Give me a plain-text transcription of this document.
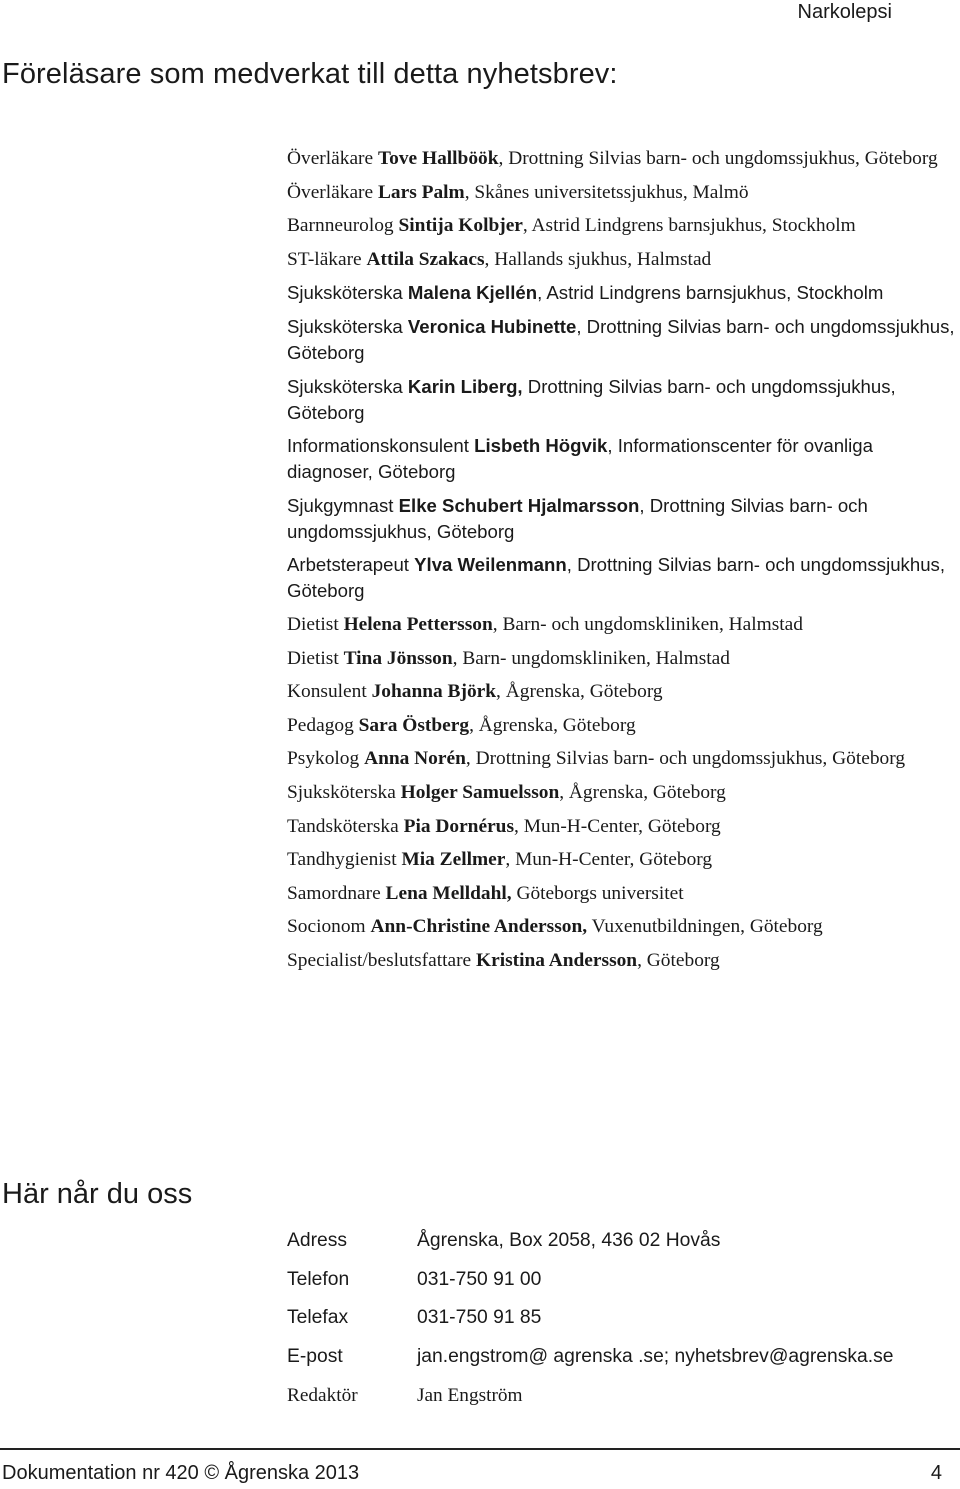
Narkolepsi
Föreläsare som medverkat till detta nyhetsbrev:
Överläkare Tove Hallböök, Drottning Silvias barn- och ungdomssjukhus, Göteborg
Överläkare Lars Palm, Skånes universitetssjukhus, Malmö
Barnneurolog Sintija Kolbjer, Astrid Lindgrens barnsjukhus, Stockholm
ST-läkare Attila Szakacs, Hallands sjukhus, Halmstad
Sjuksköterska Malena Kjellén, Astrid Lindgrens barnsjukhus, Stockholm
Sjuksköterska Veronica Hubinette, Drottning Silvias barn- och ungdomssjukhus, Göteborg
Sjuksköterska Karin Liberg, Drottning Silvias barn- och ungdomssjukhus, Göteborg
Informationskonsulent Lisbeth Högvik, Informationscenter för ovanliga diagnoser, Göteborg
Sjukgymnast Elke Schubert Hjalmarsson, Drottning Silvias barn- och ungdomssjukhus, Göteborg
Arbetsterapeut Ylva Weilenmann, Drottning Silvias barn- och ungdomssjukhus, Göteborg
Dietist Helena Pettersson, Barn- och ungdomskliniken, Halmstad
Dietist Tina Jönsson, Barn- ungdomskliniken, Halmstad
Konsulent Johanna Björk, Ågrenska, Göteborg
Pedagog Sara Östberg, Ågrenska, Göteborg
Psykolog Anna Norén, Drottning Silvias barn- och ungdomssjukhus, Göteborg
Sjuksköterska Holger Samuelsson, Ågrenska, Göteborg
Tandsköterska Pia Dornérus, Mun-H-Center, Göteborg
Tandhygienist Mia Zellmer, Mun-H-Center, Göteborg
Samordnare Lena Melldahl, Göteborgs universitet
Socionom Ann-Christine Andersson, Vuxenutbildningen, Göteborg
Specialist/beslutsfattare Kristina Andersson, Göteborg
Här når du oss
Adress	Ågrenska, Box 2058, 436 02 Hovås
Telefon	031-750 91 00
Telefax	031-750 91 85
E-post	jan.engstrom@ agrenska .se; nyhetsbrev@agrenska.se
Redaktör	Jan Engström
Dokumentation nr 420 © Ågrenska 2013	4
